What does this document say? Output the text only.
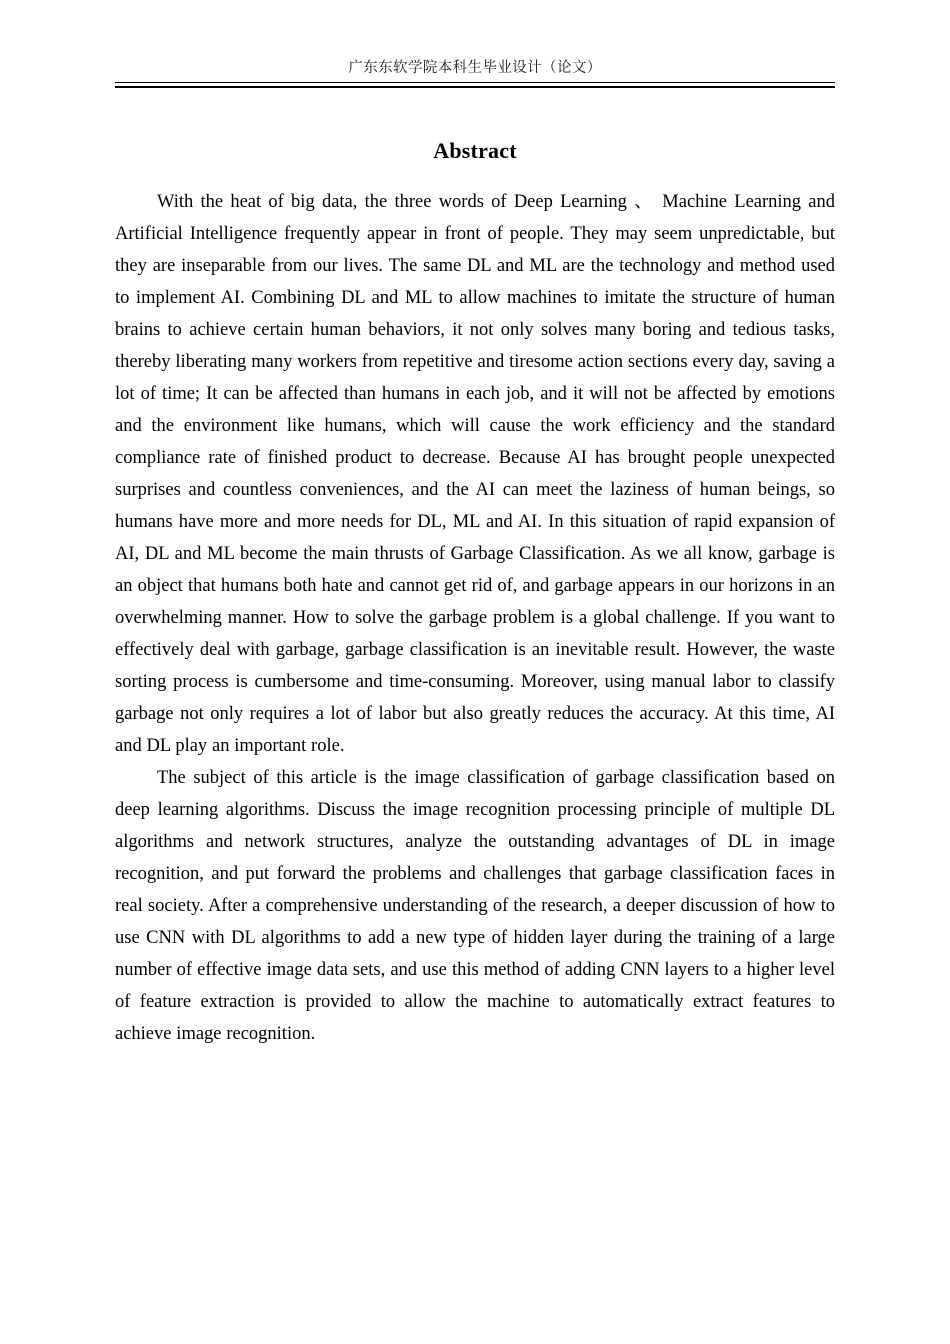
广东东软学院本科生毕业设计（论文）
Abstract

With the heat of big data, the three words of Deep Learning 、 Machine Learning and Artificial Intelligence frequently appear in front of people. They may seem unpredictable, but they are inseparable from our lives. The same DL and ML are the technology and method used to implement AI. Combining DL and ML to allow machines to imitate the structure of human brains to achieve certain human behaviors, it not only solves many boring and tedious tasks, thereby liberating many workers from repetitive and tiresome action sections every day, saving a lot of time; It can be affected than humans in each job, and it will not be affected by emotions and the environment like humans, which will cause the work efficiency and the standard compliance rate of finished product to decrease. Because AI has brought people unexpected surprises and countless conveniences, and the AI can meet the laziness of human beings, so humans have more and more needs for DL, ML and AI. In this situation of rapid expansion of AI, DL and ML become the main thrusts of Garbage Classification. As we all know, garbage is an object that humans both hate and cannot get rid of, and garbage appears in our horizons in an overwhelming manner. How to solve the garbage problem is a global challenge. If you want to effectively deal with garbage, garbage classification is an inevitable result. However, the waste sorting process is cumbersome and time-consuming. Moreover, using manual labor to classify garbage not only requires a lot of labor but also greatly reduces the accuracy. At this time, AI and DL play an important role.

The subject of this article is the image classification of garbage classification based on deep learning algorithms. Discuss the image recognition processing principle of multiple DL algorithms and network structures, analyze the outstanding advantages of DL in image recognition, and put forward the problems and challenges that garbage classification faces in real society. After a comprehensive understanding of the research, a deeper discussion of how to use CNN with DL algorithms to add a new type of hidden layer during the training of a large number of effective image data sets, and use this method of adding CNN layers to a higher level of feature extraction is provided to allow the machine to automatically extract features to achieve image recognition.
